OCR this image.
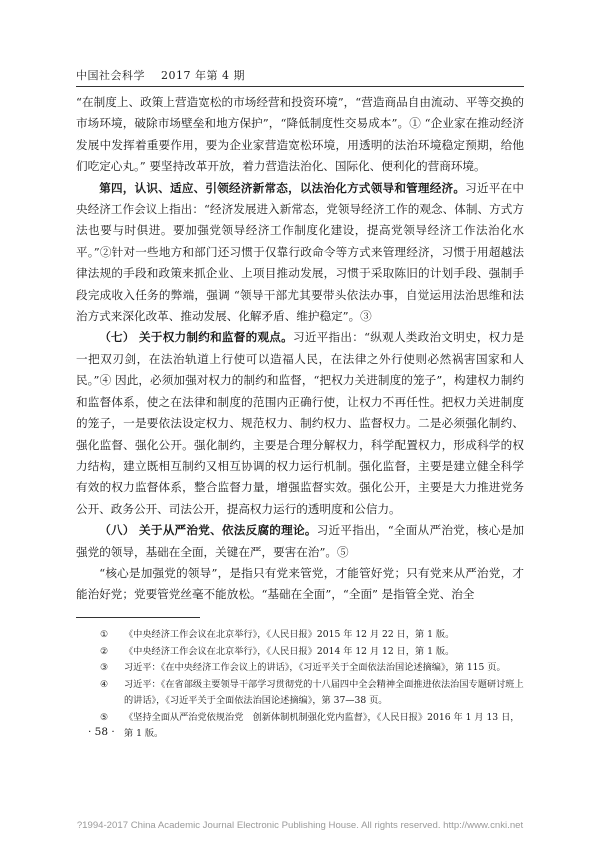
中国社会科学 2017 年第 4 期

“在制度上、政策上营造宽松的市场经营和投资环境”，“营造商品自由流动、平等交换的市场环境，破除市场壁垒和地方保护”，“降低制度性交易成本”。① “企业家在推动经济发展中发挥着重要作用，要为企业家营造宽松环境，用透明的法治环境稳定预期，给他们吃定心丸。” 要坚持改革开放，着力营造法治化、国际化、便利化的营商环境。

第四，认识、适应、引领经济新常态，以法治化方式领导和管理经济。习近平在中央经济工作会议上指出：“经济发展进入新常态，党领导经济工作的观念、体制、方式方法也要与时俱进。要加强党领导经济工作制度化建设，提高党领导经济工作法治化水平。”②针对一些地方和部门还习惯于仅靠行政命令等方式来管理经济，习惯于用超越法律法规的手段和政策来抓企业、上项目推动发展，习惯于采取陈旧的计划手段、强制手段完成收入任务的弊端，强调 “领导干部尤其要带头依法办事，自觉运用法治思维和法治方式来深化改革、推动发展、化解矛盾、维护稳定”。③

（七） 关于权力制约和监督的观点。习近平指出：“纵观人类政治文明史，权力是一把双刃剑，在法治轨道上行使可以造福人民，在法律之外行使则必然祸害国家和人民。”④ 因此，必须加强对权力的制约和监督，“把权力关进制度的笼子”，构建权力制约和监督体系，使之在法律和制度的范围内正确行使，让权力不再任性。把权力关进制度的笼子，一是要依法设定权力、规范权力、制约权力、监督权力。二是必须强化制约、强化监督、强化公开。强化制约，主要是合理分解权力，科学配置权力，形成科学的权力结构，建立既相互制约又相互协调的权力运行机制。强化监督，主要是建立健全科学有效的权力监督体系，整合监督力量，增强监督实效。强化公开，主要是大力推进党务公开、政务公开、司法公开，提高权力运行的透明度和公信力。

（八） 关于从严治党、依法反腐的理论。习近平指出，“全面从严治党，核心是加强党的领导，基础在全面，关键在严，要害在治”。⑤

“核心是加强党的领导”，是指只有党来管党，才能管好党；只有党来从严治党，才能治好党；党要管党丝毫不能放松。“基础在全面”，“全面” 是指管全党、治全

①	《中央经济工作会议在北京举行》，《人民日报》2015 年 12 月 22 日，第 1 版。
②	《中央经济工作会议在北京举行》，《人民日报》2014 年 12 月 12 日，第 1 版。
③	习近平：《在中央经济工作会议上的讲话》，《习近平关于全面依法治国论述摘编》，第 115 页。
④	习近平：《在省部级主要领导干部学习贯彻党的十八届四中全会精神全面推进依法治国专题研讨班上的讲话》，《习近平关于全面依法治国论述摘编》，第 37—38 页。
⑤	《坚持全面从严治党依规治党　创新体制机制强化党内监督》，《人民日报》2016 年 1 月 13 日，第 1 版。
· 58 ·
?1994-2017 China Academic Journal Electronic Publishing House. All rights reserved. http://www.cnki.net
